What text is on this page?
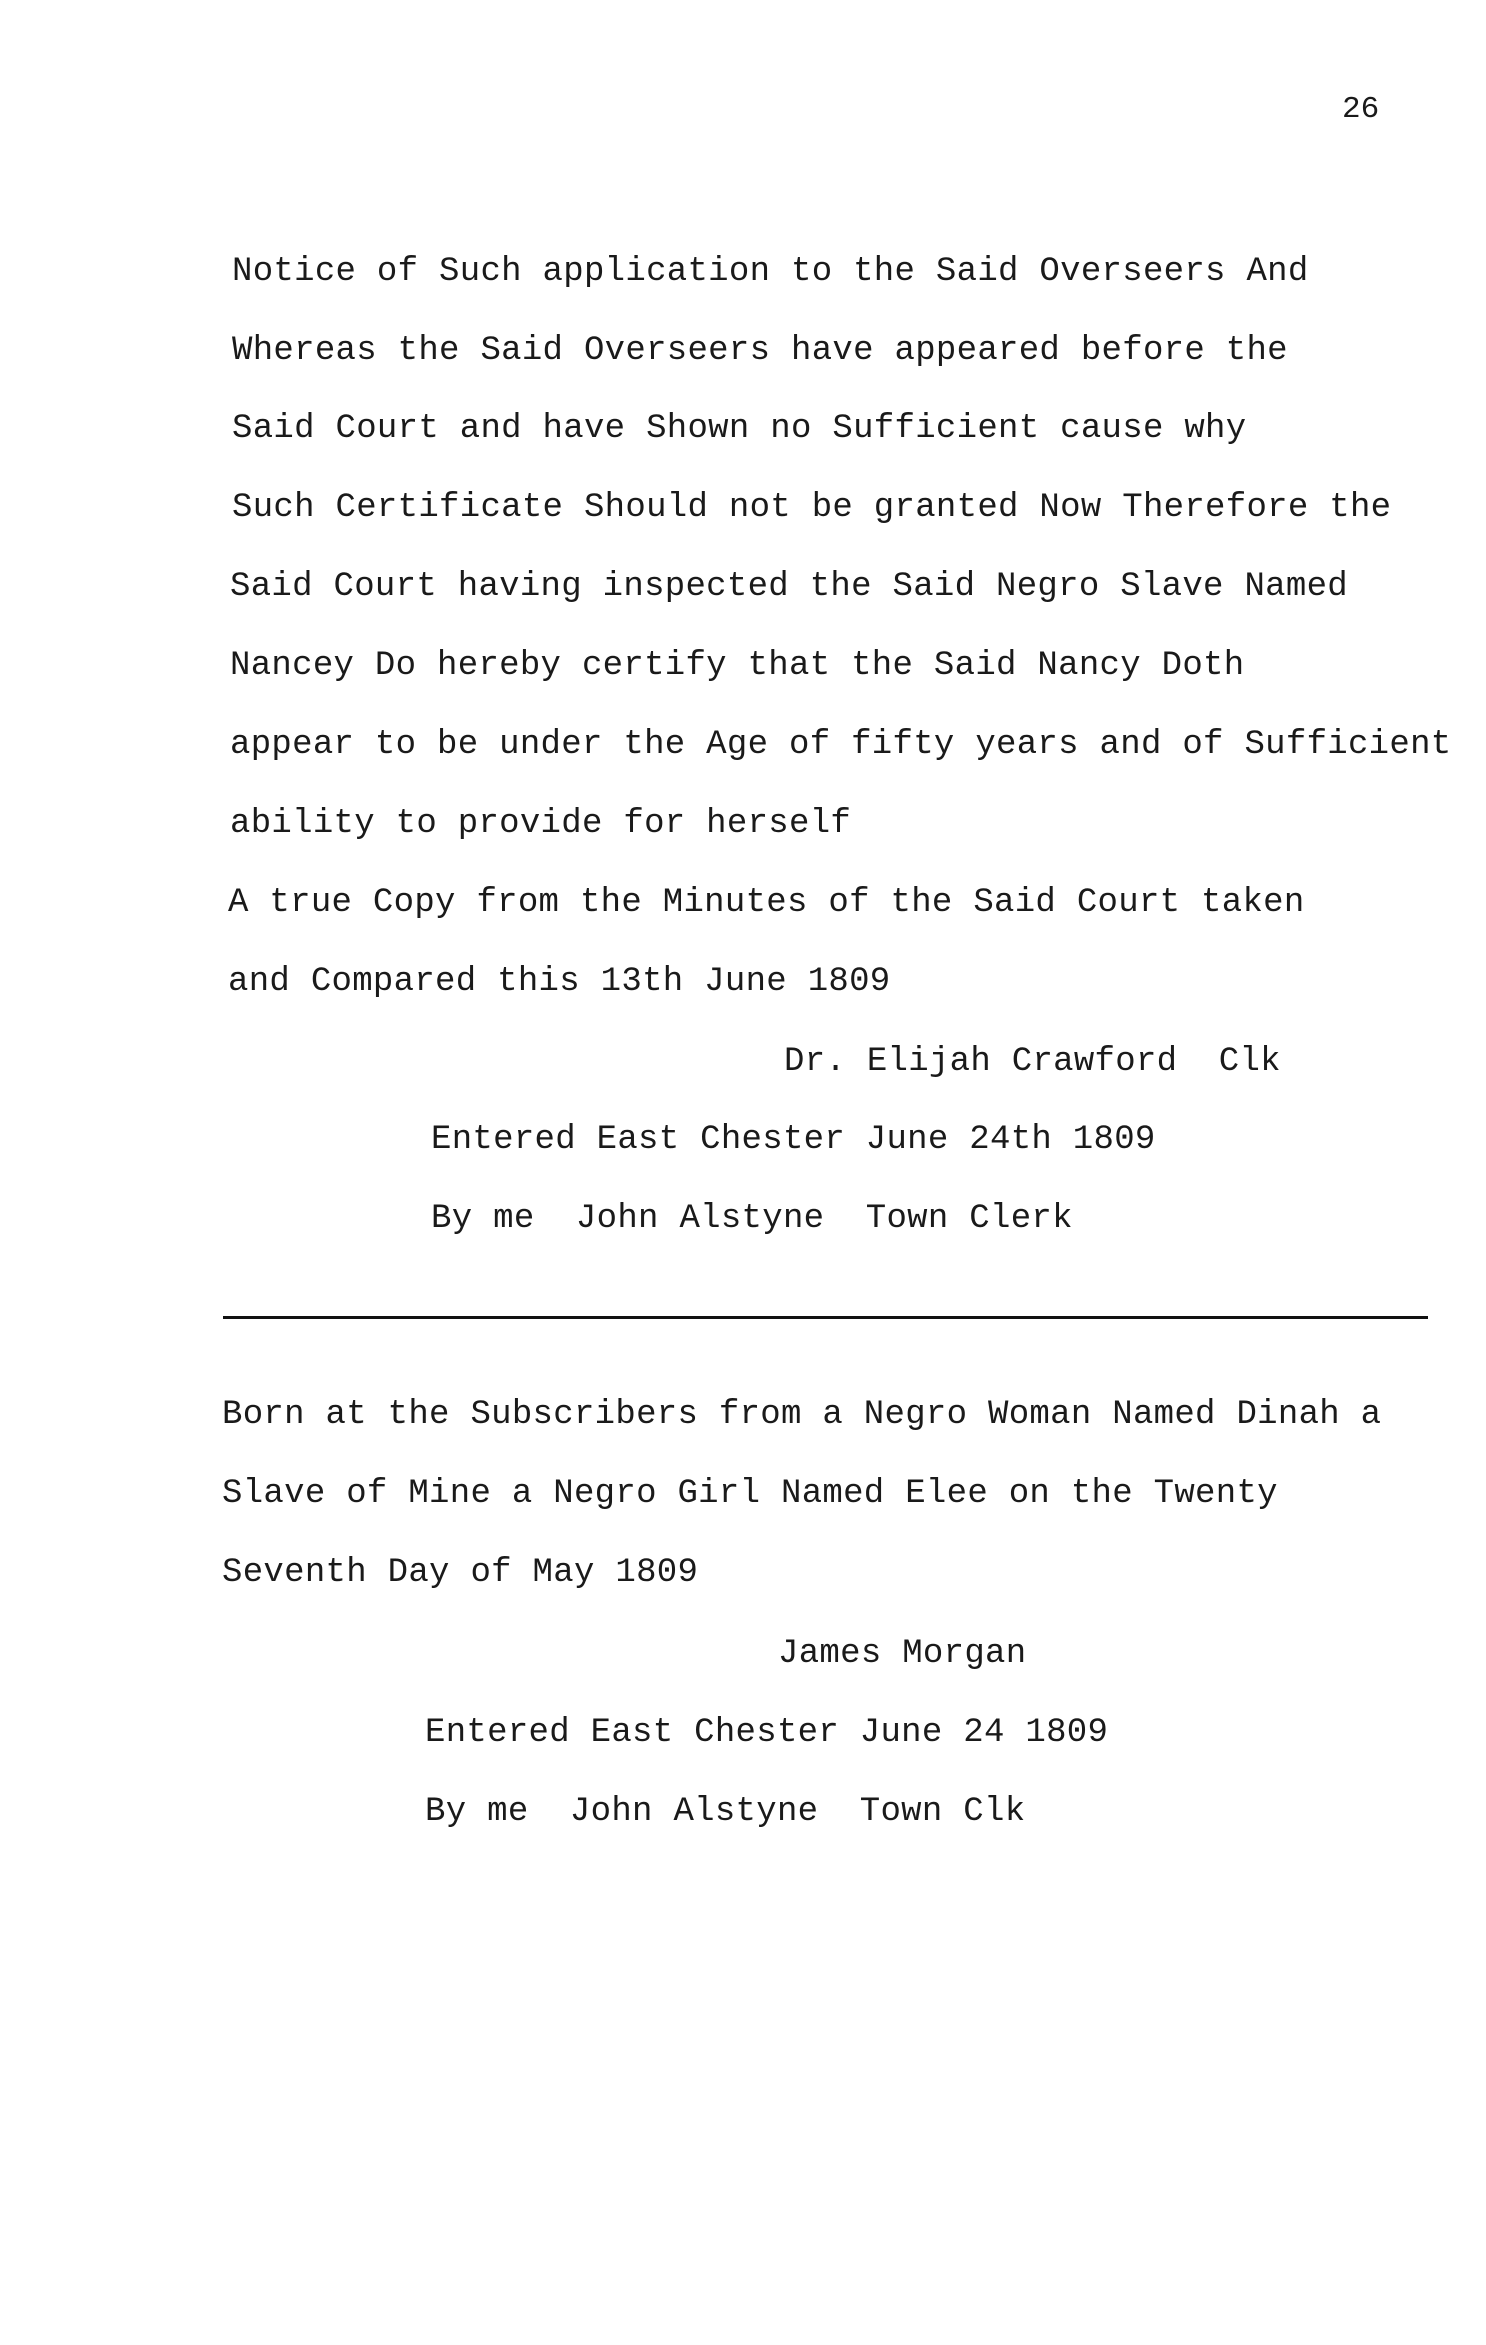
26
Notice of Such application to the Said Overseers And
Whereas the Said Overseers have appeared before the
Said Court and have Shown no Sufficient cause why
Such Certificate Should not be granted Now Therefore the
Said Court having inspected the Said Negro Slave Named
Nancey Do hereby certify that the Said Nancy Doth
appear to be under the Age of fifty years and of Sufficient
ability to provide for herself
A true Copy from the Minutes of the Said Court taken
and Compared this 13th June 1809
Dr. Elijah Crawford  Clk
Entered East Chester June 24th 1809
By me  John Alstyne  Town Clerk
Born at the Subscribers from a Negro Woman Named Dinah a
Slave of Mine a Negro Girl Named Elee on the Twenty
Seventh Day of May 1809
James Morgan
Entered East Chester June 24 1809
By me  John Alstyne  Town Clk
